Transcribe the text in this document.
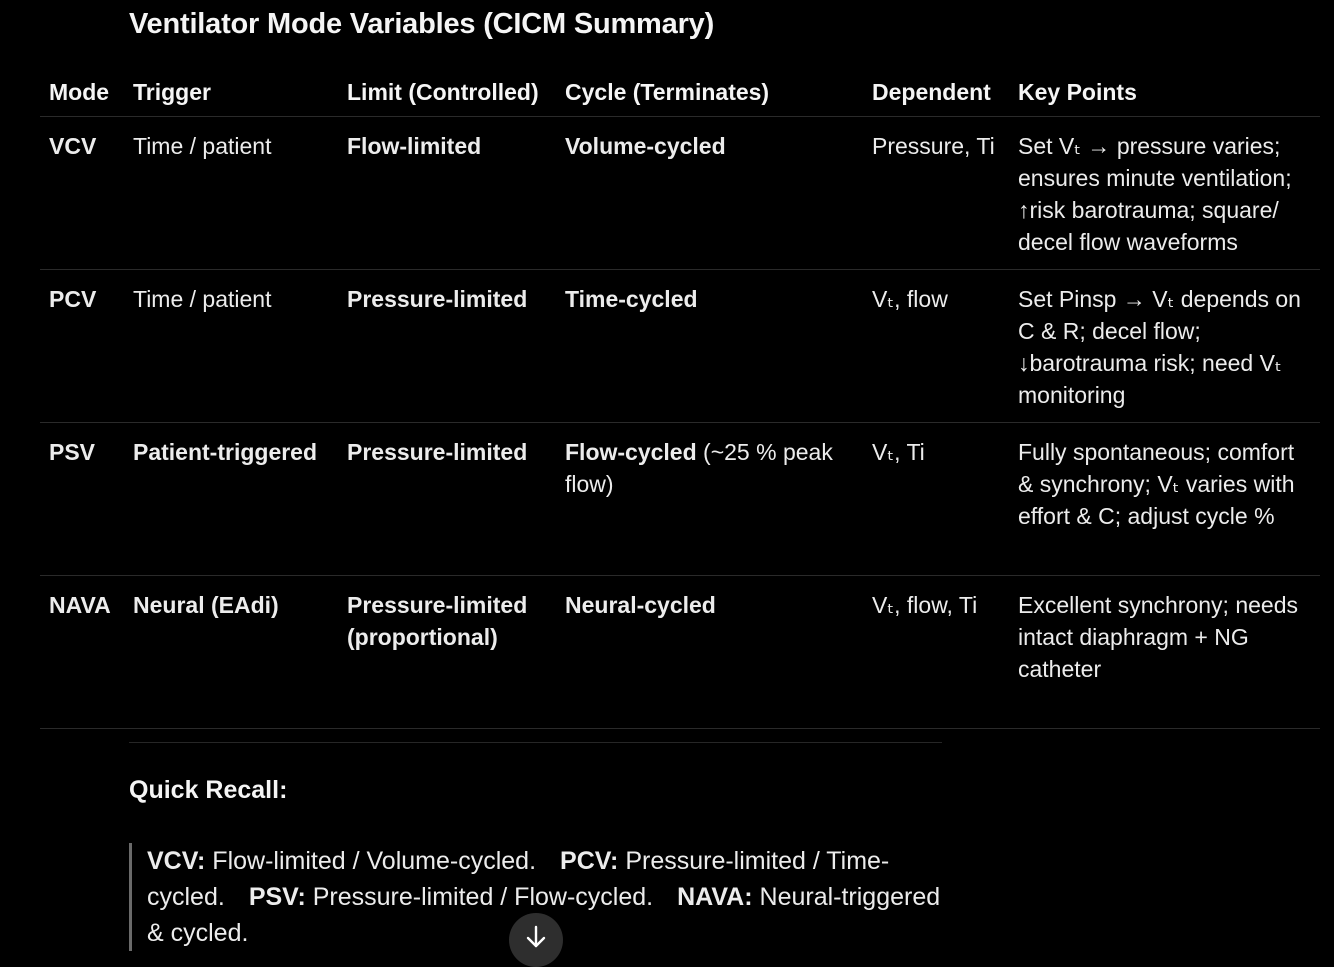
Ventilator Mode Variables (CICM Summary)
Mode	Trigger	Limit (Controlled)	Cycle (Terminates)	Dependent	Key Points
VCV	Time / patient	Flow-limited	Volume-cycled	Pressure, Ti	Set Vₜ → pressure varies; ensures minute ventilation; ↑risk barotrauma; square/ decel flow waveforms
PCV	Time / patient	Pressure-limited	Time-cycled	Vₜ, flow	Set Pinsp → Vₜ depends on C & R; decel flow; ↓barotrauma risk; need Vₜ monitoring
PSV	Patient-triggered	Pressure-limited	Flow-cycled (~25 % peak flow)	Vₜ, Ti	Fully spontaneous; comfort & synchrony; Vₜ varies with effort & C; adjust cycle %
NAVA	Neural (EAdi)	Pressure-limited (proportional)	Neural-cycled	Vₜ, flow, Ti	Excellent synchrony; needs intact diaphragm + NG catheter
Quick Recall:
VCV: Flow-limited / Volume-cycled. PCV: Pressure-limited / Time-cycled. PSV: Pressure-limited / Flow-cycled. NAVA: Neural-triggered & cycled.
